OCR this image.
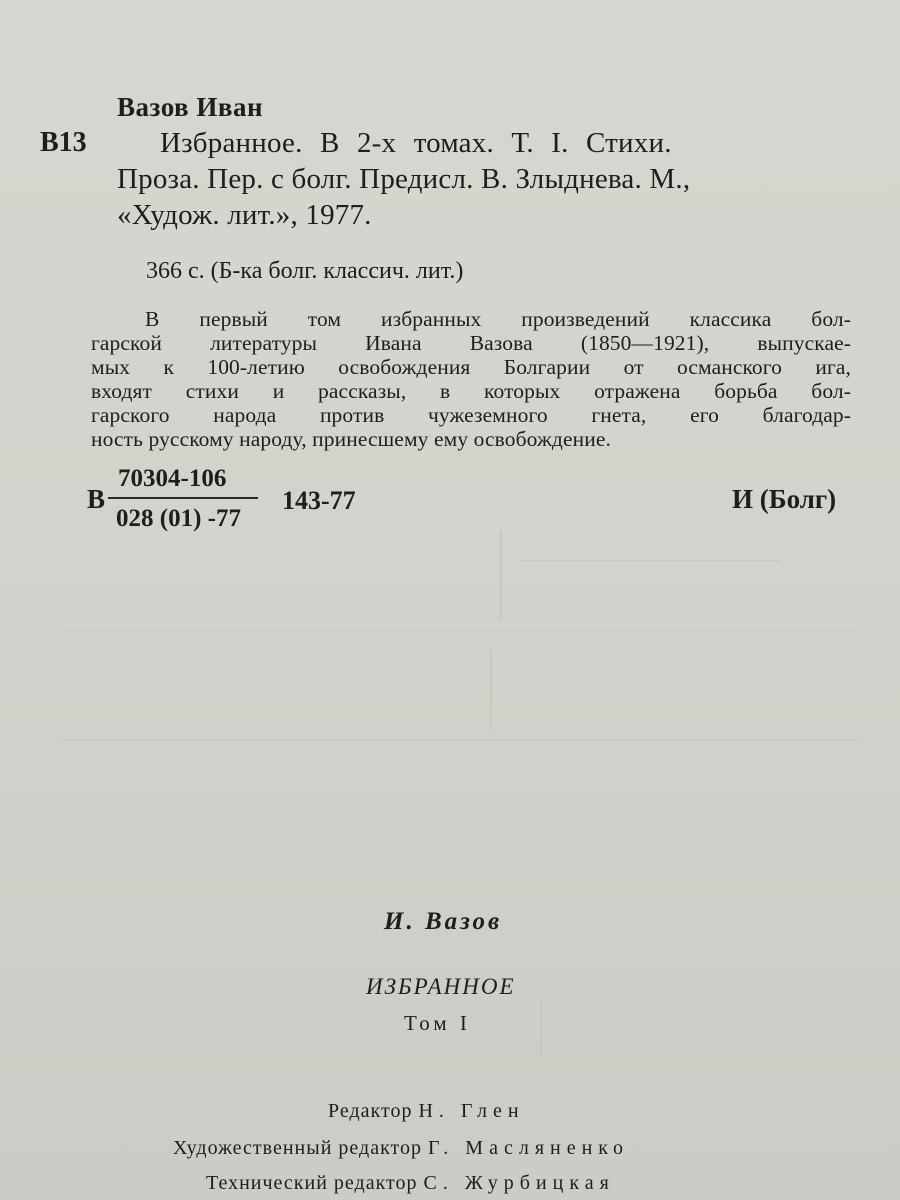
Вазов Иван
В13	Избранное. В 2-х томах. Т. I. Стихи.
Проза. Пер. с болг. Предисл. В. Злыднева. М.,
«Худож. лит.», 1977.
366 с. (Б-ка болг. классич. лит.)
В первый том избранных произведений классика бол-
гарской литературы Ивана Вазова (1850—1921), выпускае-
мых к 100-летию освобождения Болгарии от османского ига,
входят стихи и рассказы, в которых отражена борьба бол-
гарского народа против чужеземного гнета, его благодар-
ность русскому народу, принесшему ему освобождение.
В
70304-106
028 (01) -77
143-77	И (Болг)
И. Вазов
ИЗБРАННОЕ
Том I
Редактор Н. Глен
Художественный редактор Г. Масляненко
Технический редактор С. Журбицкая
